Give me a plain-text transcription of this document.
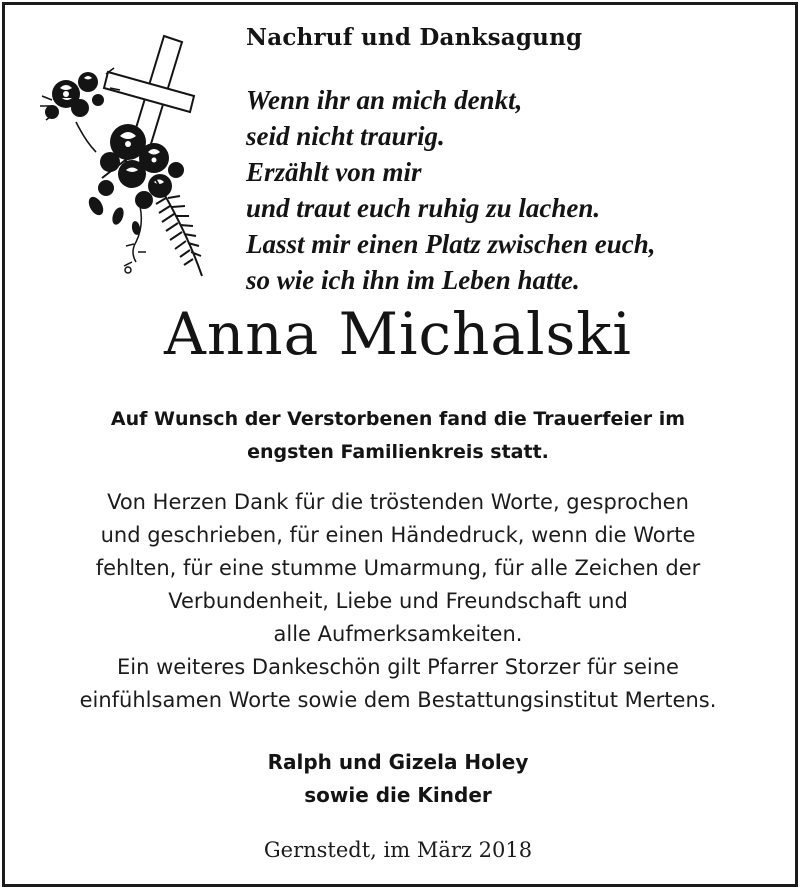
Nachruf und Danksagung
Wenn ihr an mich denkt,
seid nicht traurig.
Erzählt von mir
und traut euch ruhig zu lachen.
Lasst mir einen Platz zwischen euch,
so wie ich ihn im Leben hatte.
Anna Michalski
Auf Wunsch der Verstorbenen fand die Trauerfeier im
engsten Familienkreis statt.
Von Herzen Dank für die tröstenden Worte, gesprochen
und geschrieben, für einen Händedruck, wenn die Worte
fehlten, für eine stumme Umarmung, für alle Zeichen der
Verbundenheit, Liebe und Freundschaft und
alle Aufmerksamkeiten.
Ein weiteres Dankeschön gilt Pfarrer Storzer für seine
einfühlsamen Worte sowie dem Bestattungsinstitut Mertens.
Ralph und Gizela Holey
sowie die Kinder
Gernstedt, im März 2018
